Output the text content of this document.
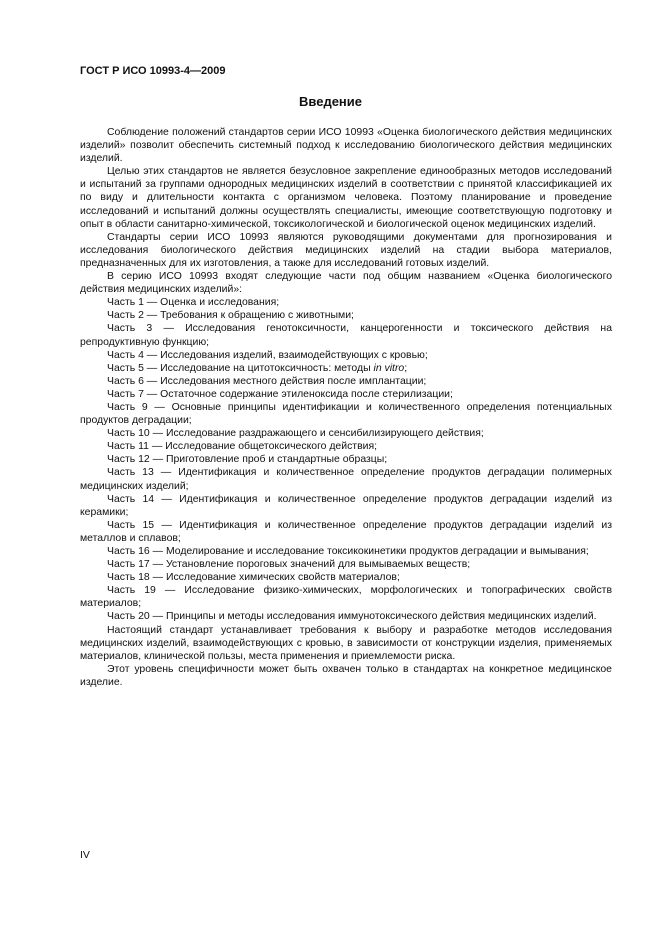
ГОСТ Р ИСО 10993-4—2009
Введение

Соблюдение положений стандартов серии ИСО 10993 «Оценка биологического действия медицинских изделий» позволит обеспечить системный подход к исследованию биологического действия медицинских изделий.

Целью этих стандартов не является безусловное закрепление единообразных методов исследований и испытаний за группами однородных медицинских изделий в соответствии с принятой классификацией их по виду и длительности контакта с организмом человека. Поэтому планирование и проведение исследований и испытаний должны осуществлять специалисты, имеющие соответствующую подготовку и опыт в области санитарно-химической, токсикологической и биологической оценок медицинских изделий.

Стандарты серии ИСО 10993 являются руководящими документами для прогнозирования и исследования биологического действия медицинских изделий на стадии выбора материалов, предназначенных для их изготовления, а также для исследований готовых изделий.

В серию ИСО 10993 входят следующие части под общим названием «Оценка биологического действия медицинских изделий»:

Часть 1 — Оценка и исследования;

Часть 2 — Требования к обращению с животными;

Часть 3 — Исследования генотоксичности, канцерогенности и токсического действия на репродуктивную функцию;

Часть 4 — Исследования изделий, взаимодействующих с кровью;

Часть 5 — Исследование на цитотоксичность: методы in vitro;

Часть 6 — Исследования местного действия после имплантации;

Часть 7 — Остаточное содержание этиленоксида после стерилизации;

Часть 9 — Основные принципы идентификации и количественного определения потенциальных продуктов деградации;

Часть 10 — Исследование раздражающего и сенсибилизирующего действия;

Часть 11 — Исследование общетоксического действия;

Часть 12 — Приготовление проб и стандартные образцы;

Часть 13 — Идентификация и количественное определение продуктов деградации полимерных медицинских изделий;

Часть 14 — Идентификация и количественное определение продуктов деградации изделий из керамики;

Часть 15 — Идентификация и количественное определение продуктов деградации изделий из металлов и сплавов;

Часть 16 — Моделирование и исследование токсикокинетики продуктов деградации и вымывания;

Часть 17 — Установление пороговых значений для вымываемых веществ;

Часть 18 — Исследование химических свойств материалов;

Часть 19 — Исследование физико-химических, морфологических и топографических свойств материалов;

Часть 20 — Принципы и методы исследования иммунотоксического действия медицинских изделий.

Настоящий стандарт устанавливает требования к выбору и разработке методов исследования медицинских изделий, взаимодействующих с кровью, в зависимости от конструкции изделия, применяемых материалов, клинической пользы, места применения и приемлемости риска.

Этот уровень специфичности может быть охвачен только в стандартах на конкретное медицинское изделие.

IV
